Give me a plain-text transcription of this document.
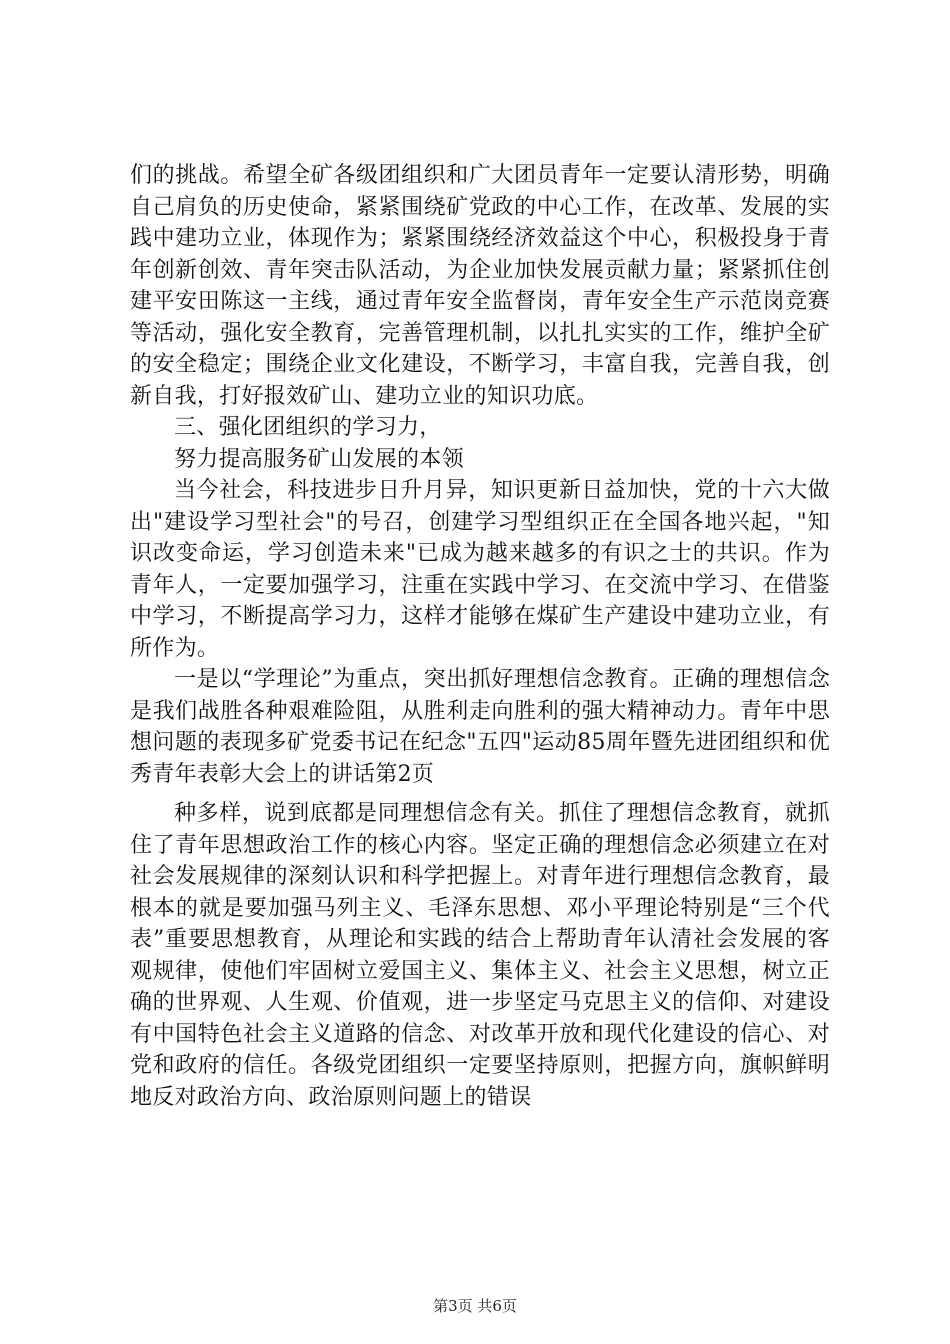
们的挑战。希望全矿各级团组织和广大团员青年一定要认清形势，明确自己肩负的历史使命，紧紧围绕矿党政的中心工作，在改革、发展的实践中建功立业，体现作为；紧紧围绕经济效益这个中心，积极投身于青年创新创效、青年突击队活动，为企业加快发展贡献力量；紧紧抓住创建平安田陈这一主线，通过青年安全监督岗，青年安全生产示范岗竞赛等活动，强化安全教育，完善管理机制，以扎扎实实的工作，维护全矿的安全稳定；围绕企业文化建设，不断学习，丰富自我，完善自我，创新自我，打好报效矿山、建功立业的知识功底。

三、强化团组织的学习力，

努力提高服务矿山发展的本领

当今社会，科技进步日升月异，知识更新日益加快，党的十六大做出"建设学习型社会"的号召，创建学习型组织正在全国各地兴起，"知识改变命运，学习创造未来"已成为越来越多的有识之士的共识。作为青年人，一定要加强学习，注重在实践中学习、在交流中学习、在借鉴中学习，不断提高学习力，这样才能够在煤矿生产建设中建功立业，有所作为。

一是以“学理论”为重点，突出抓好理想信念教育。正确的理想信念是我们战胜各种艰难险阻，从胜利走向胜利的强大精神动力。青年中思想问题的表现多矿党委书记在纪念"五四"运动85周年暨先进团组织和优秀青年表彰大会上的讲话第2页

种多样，说到底都是同理想信念有关。抓住了理想信念教育，就抓住了青年思想政治工作的核心内容。坚定正确的理想信念必须建立在对社会发展规律的深刻认识和科学把握上。对青年进行理想信念教育，最根本的就是要加强马列主义、毛泽东思想、邓小平理论特别是“三个代表”重要思想教育，从理论和实践的结合上帮助青年认清社会发展的客观规律，使他们牢固树立爱国主义、集体主义、社会主义思想，树立正确的世界观、人生观、价值观，进一步坚定马克思主义的信仰、对建设有中国特色社会主义道路的信念、对改革开放和现代化建设的信心、对党和政府的信任。各级党团组织一定要坚持原则，把握方向，旗帜鲜明地反对政治方向、政治原则问题上的错误

第3页 共6页
